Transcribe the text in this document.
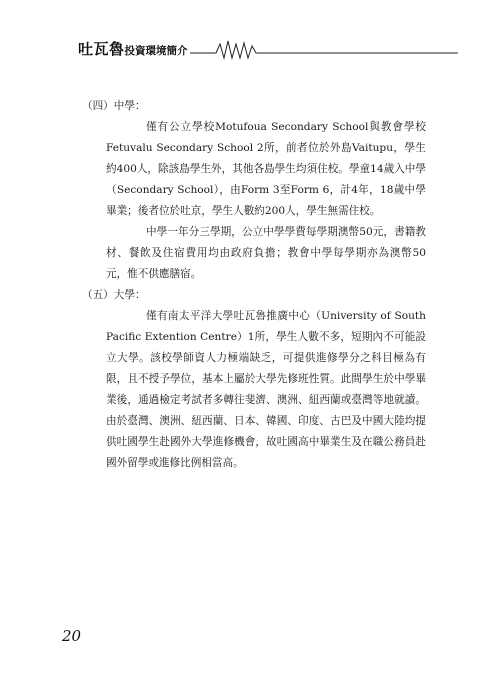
吐瓦魯投資環境簡介

（四）中學：

僅有公立學校Motufoua Secondary School與教會學校Fetuvalu Secondary School 2所，前者位於外島Vaitupu，學生約400人，除該島學生外，其他各島學生均須住校。學童14歲入中學（Secondary School），由Form 3至Form 6，計4年，18歲中學畢業；後者位於吐京，學生人數約200人，學生無需住校。

中學一年分三學期，公立中學學費每學期澳幣50元，書籍教材、餐飲及住宿費用均由政府負擔；教會中學每學期亦為澳幣50元，惟不供應膳宿。

（五）大學：

僅有南太平洋大學吐瓦魯推廣中心（University of South Pacific Extention Centre）1所，學生人數不多，短期內不可能設立大學。該校學師資人力極端缺乏，可提供進修學分之科目極為有限，且不授予學位，基本上屬於大學先修班性質。此間學生於中學畢業後，通過檢定考試者多轉往斐濟、澳洲、紐西蘭或臺灣等地就讀。由於臺灣、澳洲、紐西蘭、日本、韓國、印度、古巴及中國大陸均提供吐國學生赴國外大學進修機會，故吐國高中畢業生及在職公務員赴國外留學或進修比例相當高。

20
